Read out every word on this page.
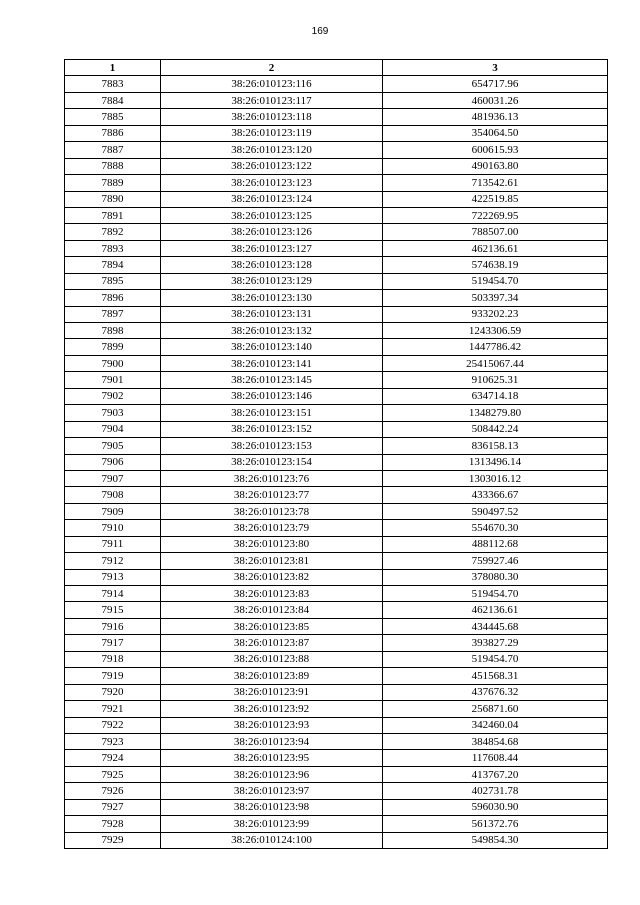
169
1	2	3
7883	38:26:010123:116	654717.96
7884	38:26:010123:117	460031.26
7885	38:26:010123:118	481936.13
7886	38:26:010123:119	354064.50
7887	38:26:010123:120	600615.93
7888	38:26:010123:122	490163.80
7889	38:26:010123:123	713542.61
7890	38:26:010123:124	422519.85
7891	38:26:010123:125	722269.95
7892	38:26:010123:126	788507.00
7893	38:26:010123:127	462136.61
7894	38:26:010123:128	574638.19
7895	38:26:010123:129	519454.70
7896	38:26:010123:130	503397.34
7897	38:26:010123:131	933202.23
7898	38:26:010123:132	1243306.59
7899	38:26:010123:140	1447786.42
7900	38:26:010123:141	25415067.44
7901	38:26:010123:145	910625.31
7902	38:26:010123:146	634714.18
7903	38:26:010123:151	1348279.80
7904	38:26:010123:152	508442.24
7905	38:26:010123:153	836158.13
7906	38:26:010123:154	1313496.14
7907	38:26:010123:76	1303016.12
7908	38:26:010123:77	433366.67
7909	38:26:010123:78	590497.52
7910	38:26:010123:79	554670.30
7911	38:26:010123:80	488112.68
7912	38:26:010123:81	759927.46
7913	38:26:010123:82	378080.30
7914	38:26:010123:83	519454.70
7915	38:26:010123:84	462136.61
7916	38:26:010123:85	434445.68
7917	38:26:010123:87	393827.29
7918	38:26:010123:88	519454.70
7919	38:26:010123:89	451568.31
7920	38:26:010123:91	437676.32
7921	38:26:010123:92	256871.60
7922	38:26:010123:93	342460.04
7923	38:26:010123:94	384854.68
7924	38:26:010123:95	117608.44
7925	38:26:010123:96	413767.20
7926	38:26:010123:97	402731.78
7927	38:26:010123:98	596030.90
7928	38:26:010123:99	561372.76
7929	38:26:010124:100	549854.30
